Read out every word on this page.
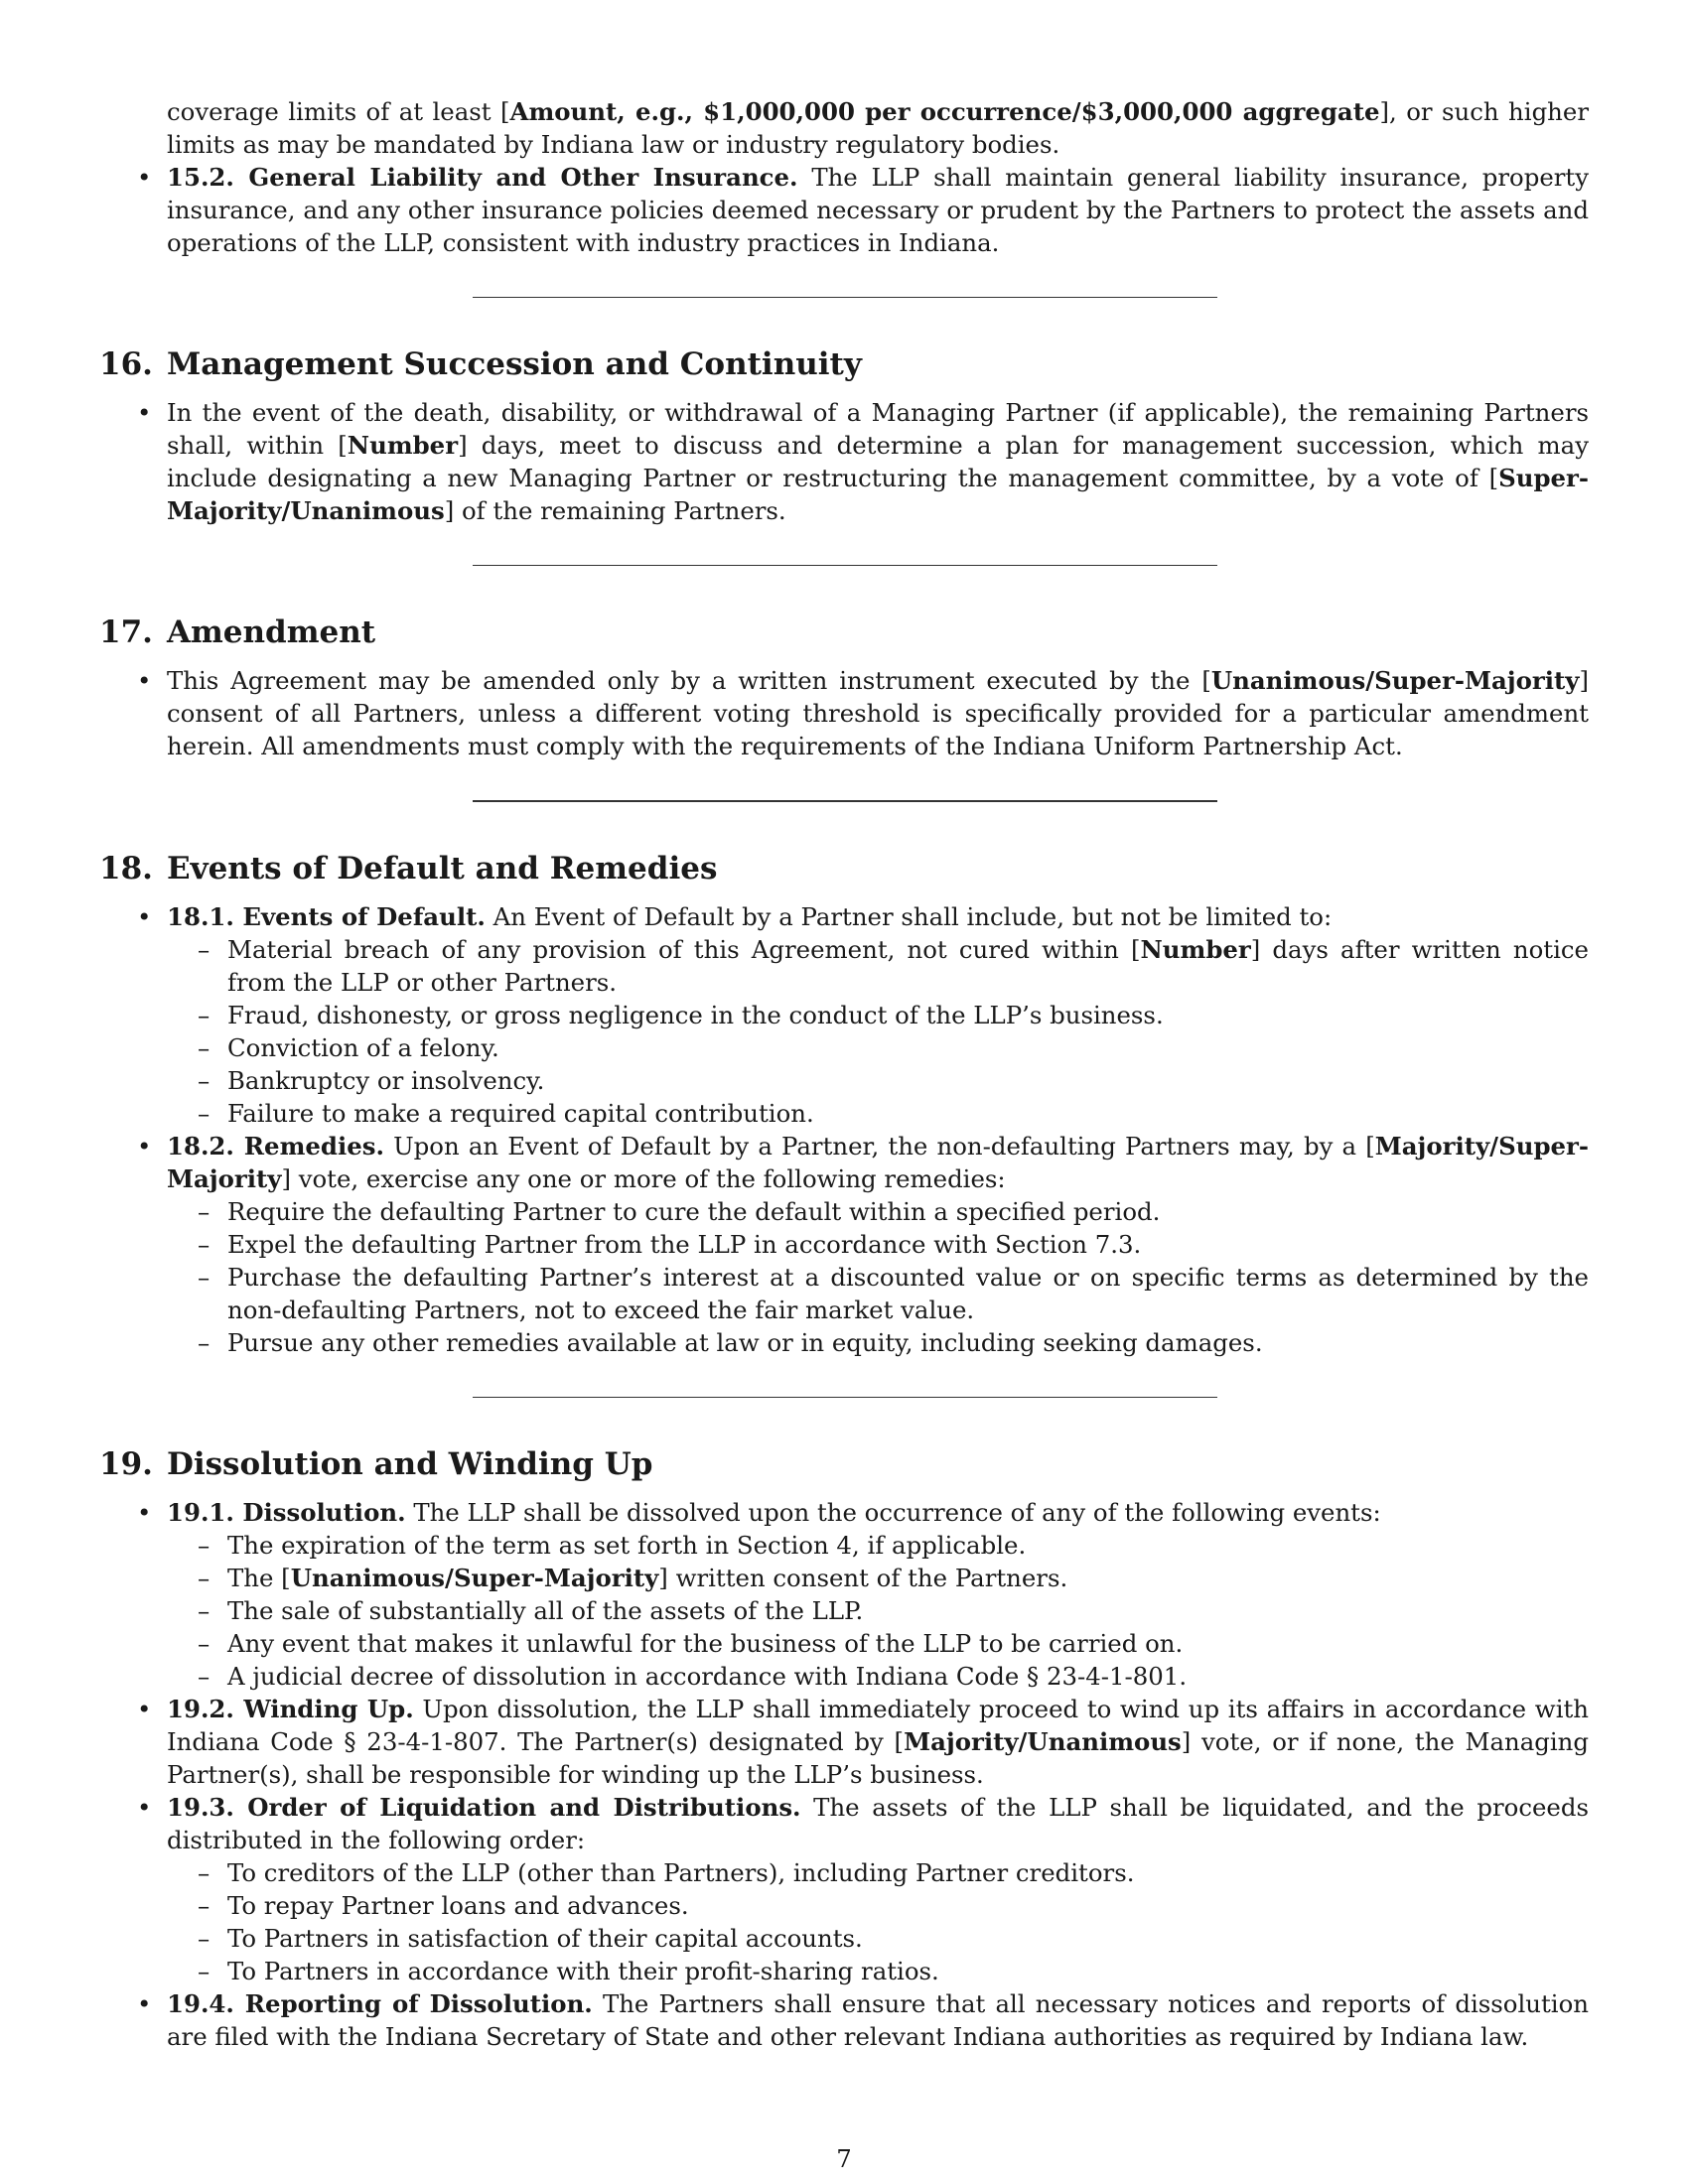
coverage limits of at least [Amount, e.g., $1,000,000 per occurrence/$3,000,000 aggregate], or such higher limits as may be mandated by Indiana law or industry regulatory bodies.
• 15.2. General Liability and Other Insurance. The LLP shall maintain general liability insurance, property insurance, and any other insurance policies deemed necessary or prudent by the Partners to protect the assets and operations of the LLP, consistent with industry practices in Indiana.
16. Management Succession and Continuity
• In the event of the death, disability, or withdrawal of a Managing Partner (if applicable), the remaining Partners shall, within [Number] days, meet to discuss and determine a plan for management succession, which may include designating a new Managing Partner or restructuring the management committee, by a vote of [Super-Majority/Unanimous] of the remaining Partners.
17. Amendment
• This Agreement may be amended only by a written instrument executed by the [Unanimous/Super-Majority] consent of all Partners, unless a different voting threshold is specifically provided for a particular amendment herein. All amendments must comply with the requirements of the Indiana Uniform Partnership Act.
18. Events of Default and Remedies
• 18.1. Events of Default. An Event of Default by a Partner shall include, but not be limited to:
– Material breach of any provision of this Agreement, not cured within [Number] days after written notice from the LLP or other Partners.
– Fraud, dishonesty, or gross negligence in the conduct of the LLP’s business.
– Conviction of a felony.
– Bankruptcy or insolvency.
– Failure to make a required capital contribution.
• 18.2. Remedies. Upon an Event of Default by a Partner, the non-defaulting Partners may, by a [Majority/Super-Majority] vote, exercise any one or more of the following remedies:
– Require the defaulting Partner to cure the default within a specified period.
– Expel the defaulting Partner from the LLP in accordance with Section 7.3.
– Purchase the defaulting Partner’s interest at a discounted value or on specific terms as determined by the non-defaulting Partners, not to exceed the fair market value.
– Pursue any other remedies available at law or in equity, including seeking damages.
19. Dissolution and Winding Up
• 19.1. Dissolution. The LLP shall be dissolved upon the occurrence of any of the following events:
– The expiration of the term as set forth in Section 4, if applicable.
– The [Unanimous/Super-Majority] written consent of the Partners.
– The sale of substantially all of the assets of the LLP.
– Any event that makes it unlawful for the business of the LLP to be carried on.
– A judicial decree of dissolution in accordance with Indiana Code § 23-4-1-801.
• 19.2. Winding Up. Upon dissolution, the LLP shall immediately proceed to wind up its affairs in accordance with Indiana Code § 23-4-1-807. The Partner(s) designated by [Majority/Unanimous] vote, or if none, the Managing Partner(s), shall be responsible for winding up the LLP’s business.
• 19.3. Order of Liquidation and Distributions. The assets of the LLP shall be liquidated, and the proceeds distributed in the following order:
– To creditors of the LLP (other than Partners), including Partner creditors.
– To repay Partner loans and advances.
– To Partners in satisfaction of their capital accounts.
– To Partners in accordance with their profit-sharing ratios.
• 19.4. Reporting of Dissolution. The Partners shall ensure that all necessary notices and reports of dissolution are filed with the Indiana Secretary of State and other relevant Indiana authorities as required by Indiana law.
7
